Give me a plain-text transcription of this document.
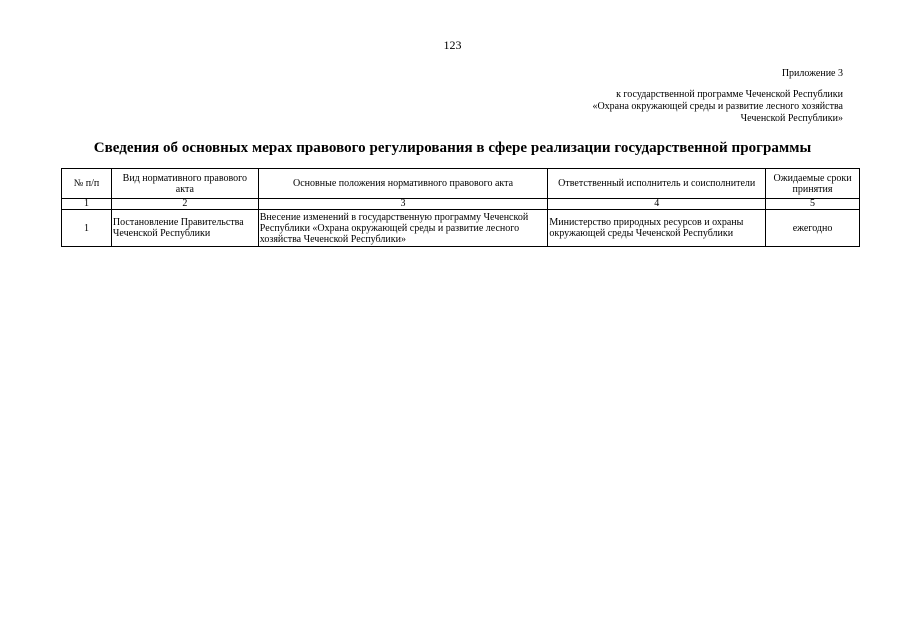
123
Приложение 3
к государственной программе Чеченской Республики
«Охрана окружающей среды и развитие лесного хозяйства
Чеченской Республики»
Сведения об основных мерах правового регулирования в сфере реализации государственной программы
№ п/п	Вид нормативного правового акта	Основные положения нормативного правового акта	Ответственный исполнитель и соисполнители	Ожидаемые сроки принятия
1	2	3	4	5
1	Постановление Правительства Чеченской Республики	Внесение изменений в государственную программу Чеченской Республики «Охрана окружающей среды и развитие лесного хозяйства Чеченской Республики»	Министерство природных ресурсов и охраны окружающей среды Чеченской Республики	ежегодно
